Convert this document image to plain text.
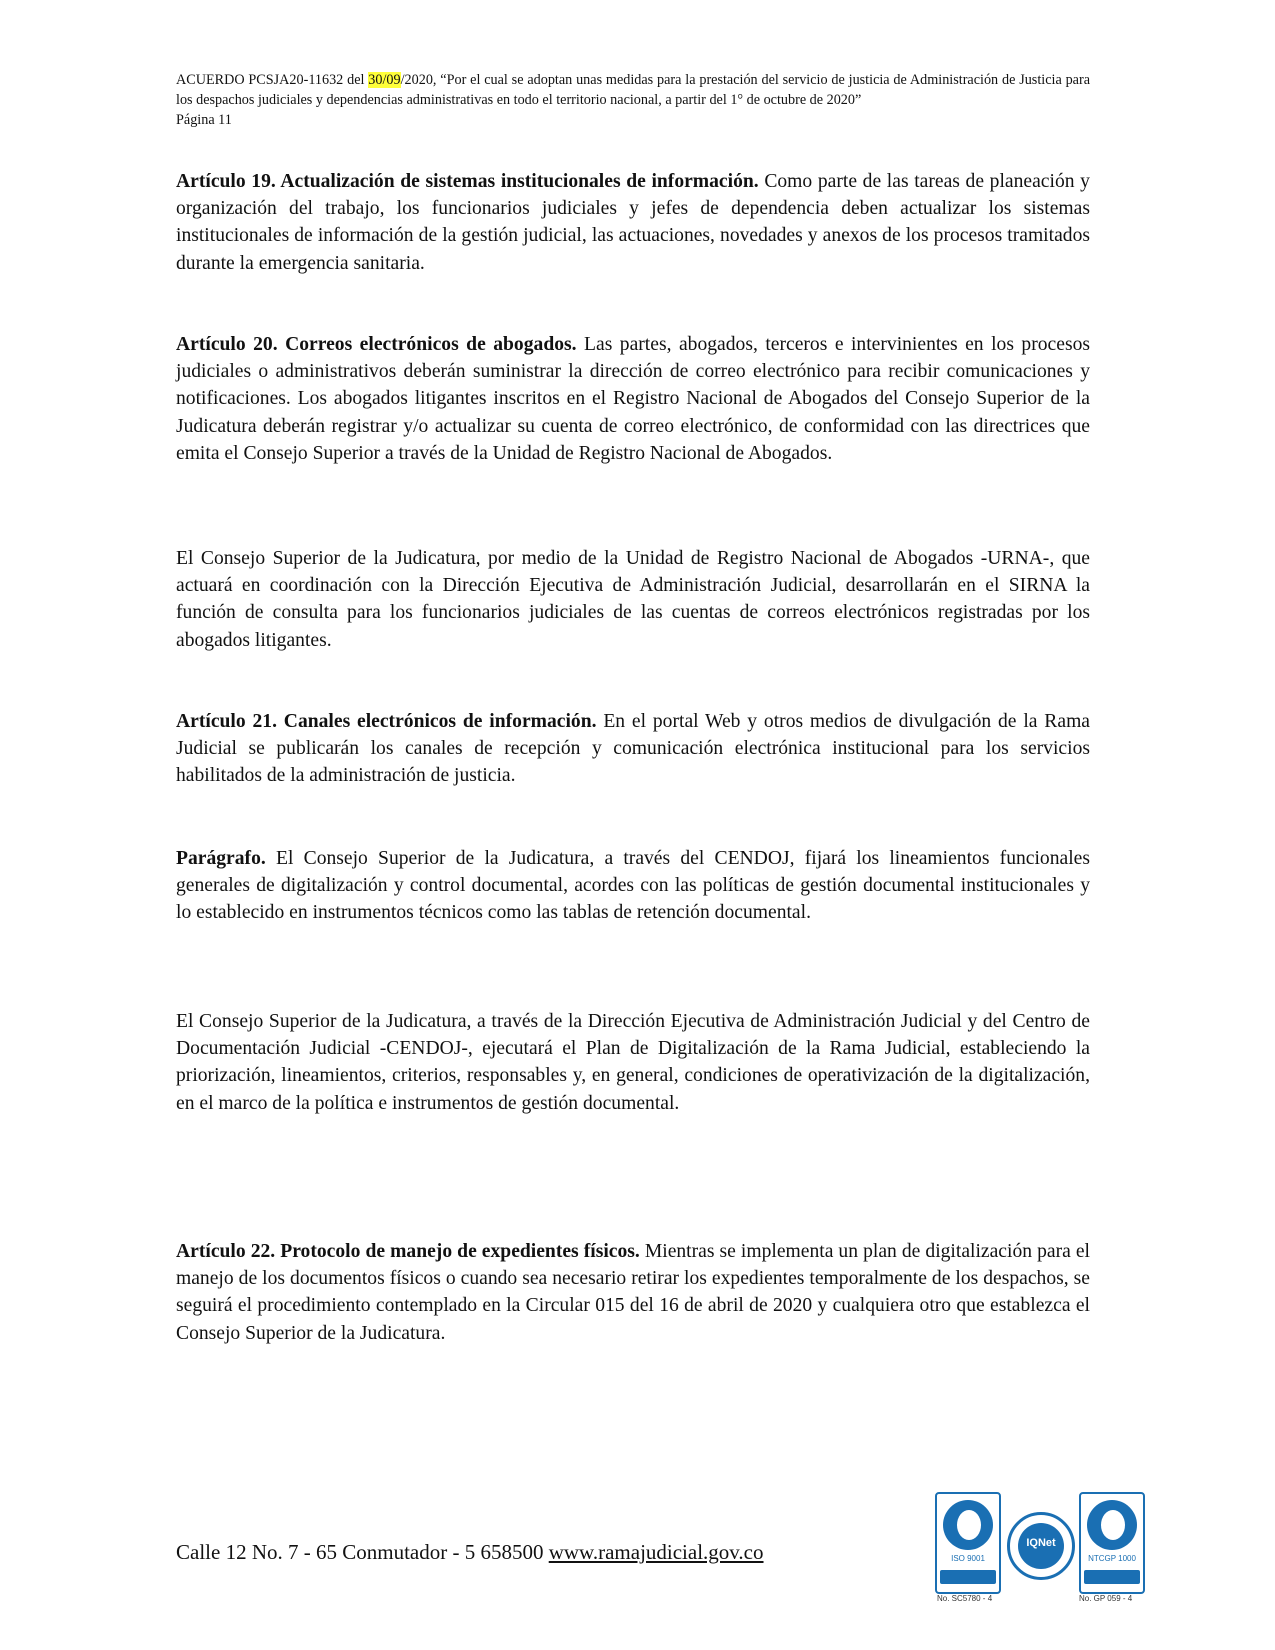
ACUERDO PCSJA20-11632 del 30/09/2020, “Por el cual se adoptan unas medidas para la prestación del servicio de justicia de Administración de Justicia para los despachos judiciales y dependencias administrativas en todo el territorio nacional, a partir del 1° de octubre de 2020”
Página 11

Artículo 19. Actualización de sistemas institucionales de información. Como parte de las tareas de planeación y organización del trabajo, los funcionarios judiciales y jefes de dependencia deben actualizar los sistemas institucionales de información de la gestión judicial, las actuaciones, novedades y anexos de los procesos tramitados durante la emergencia sanitaria.

Artículo 20. Correos electrónicos de abogados. Las partes, abogados, terceros e intervinientes en los procesos judiciales o administrativos deberán suministrar la dirección de correo electrónico para recibir comunicaciones y notificaciones. Los abogados litigantes inscritos en el Registro Nacional de Abogados del Consejo Superior de la Judicatura deberán registrar y/o actualizar su cuenta de correo electrónico, de conformidad con las directrices que emita el Consejo Superior a través de la Unidad de Registro Nacional de Abogados.

El Consejo Superior de la Judicatura, por medio de la Unidad de Registro Nacional de Abogados -URNA-, que actuará en coordinación con la Dirección Ejecutiva de Administración Judicial, desarrollarán en el SIRNA la función de consulta para los funcionarios judiciales de las cuentas de correos electrónicos registradas por los abogados litigantes.

Artículo 21. Canales electrónicos de información. En el portal Web y otros medios de divulgación de la Rama Judicial se publicarán los canales de recepción y comunicación electrónica institucional para los servicios habilitados de la administración de justicia.

Parágrafo. El Consejo Superior de la Judicatura, a través del CENDOJ, fijará los lineamientos funcionales generales de digitalización y control documental, acordes con las políticas de gestión documental institucionales y lo establecido en instrumentos técnicos como las tablas de retención documental.

El Consejo Superior de la Judicatura, a través de la Dirección Ejecutiva de Administración Judicial y del Centro de Documentación Judicial -CENDOJ-, ejecutará el Plan de Digitalización de la Rama Judicial, estableciendo la priorización, lineamientos, criterios, responsables y, en general, condiciones de operativización de la digitalización, en el marco de la política e instrumentos de gestión documental.

Artículo 22. Protocolo de manejo de expedientes físicos. Mientras se implementa un plan de digitalización para el manejo de los documentos físicos o cuando sea necesario retirar los expedientes temporalmente de los despachos, se seguirá el procedimiento contemplado en la Circular 015 del 16 de abril de 2020 y cualquiera otro que establezca el Consejo Superior de la Judicatura.

Calle 12 No. 7 - 65 Conmutador - 5 658500 www.ramajudicial.gov.co	ISO 9001
IQNet
NTCGP 1000
No. SC5780 - 4	No. GP 059 - 4
